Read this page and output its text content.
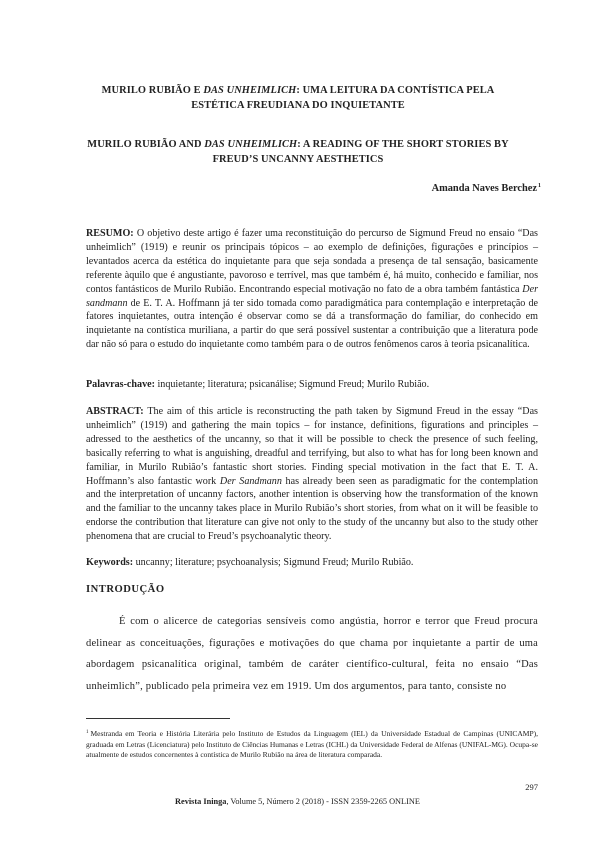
MURILO RUBIÃO E DAS UNHEIMLICH: UMA LEITURA DA CONTÍSTICA PELA ESTÉTICA FREUDIANA DO INQUIETANTE
MURILO RUBIÃO AND DAS UNHEIMLICH: A READING OF THE SHORT STORIES BY FREUD’S UNCANNY AESTHETICS
Amanda Naves Berchez$^1$
RESUMO: O objetivo deste artigo é fazer uma reconstituição do percurso de Sigmund Freud no ensaio “Das unheimlich” (1919) e reunir os principais tópicos – ao exemplo de definições, figurações e princípios – levantados acerca da estética do inquietante para que seja sondada a presença de tal sensação, basicamente referente àquilo que é angustiante, pavoroso e terrível, mas que também é, há muito, conhecido e familiar, nos contos fantásticos de Murilo Rubião. Encontrando especial motivação no fato de a obra também fantástica Der sandmann de E. T. A. Hoffmann já ter sido tomada como paradigmática para contemplação e interpretação de fatores inquietantes, outra intenção é observar como se dá a transformação do familiar, do conhecido em inquietante na contística muriliana, a partir do que será possível sustentar a contribuição que a literatura pode dar não só para o estudo do inquietante como também para o de outros fenômenos caros à teoria psicanalítica.
Palavras-chave: inquietante; literatura; psicanálise; Sigmund Freud; Murilo Rubião.
ABSTRACT: The aim of this article is reconstructing the path taken by Sigmund Freud in the essay “Das unheimlich” (1919) and gathering the main topics – for instance, definitions, figurations and principles – adressed to the aesthetics of the uncanny, so that it will be possible to check the presence of such feeling, basically referring to what is anguishing, dreadful and terrifying, but also to what has for long been known and familiar, in Murilo Rubião’s fantastic short stories. Finding special motivation in the fact that E. T. A. Hoffmann’s also fantastic work Der Sandmann has already been seen as paradigmatic for the contemplation and the interpretation of uncanny factors, another intention is observing how the transformation of the known and the familiar to the uncanny takes place in Murilo Rubião’s short stories, from what on it will be feasible to endorse the contribution that literature can give not only to the study of the uncanny but also to the study other phenomena that are crucial to Freud’s psychoanalytic theory.
Keywords: uncanny; literature; psychoanalysis; Sigmund Freud; Murilo Rubião.
INTRODUÇÃO
É com o alicerce de categorias sensíveis como angústia, horror e terror que Freud procura delinear as conceituações, figurações e motivações do que chama por inquietante a partir de uma abordagem psicanalítica original, também de caráter científico-cultural, feita no ensaio “Das unheimlich”, publicado pela primeira vez em 1919. Um dos argumentos, para tanto, consiste no
$^1$ Mestranda em Teoria e História Literária pelo Instituto de Estudos da Linguagem (IEL) da Universidade Estadual de Campinas (UNICAMP), graduada em Letras (Licenciatura) pelo Instituto de Ciências Humanas e Letras (ICHL) da Universidade Federal de Alfenas (UNIFAL-MG). Ocupa-se atualmente de estudos concernentes à contística de Murilo Rubião na área de literatura comparada.
297
Revista Ininga, Volume 5, Número 2 (2018) - ISSN 2359-2265 ONLINE
